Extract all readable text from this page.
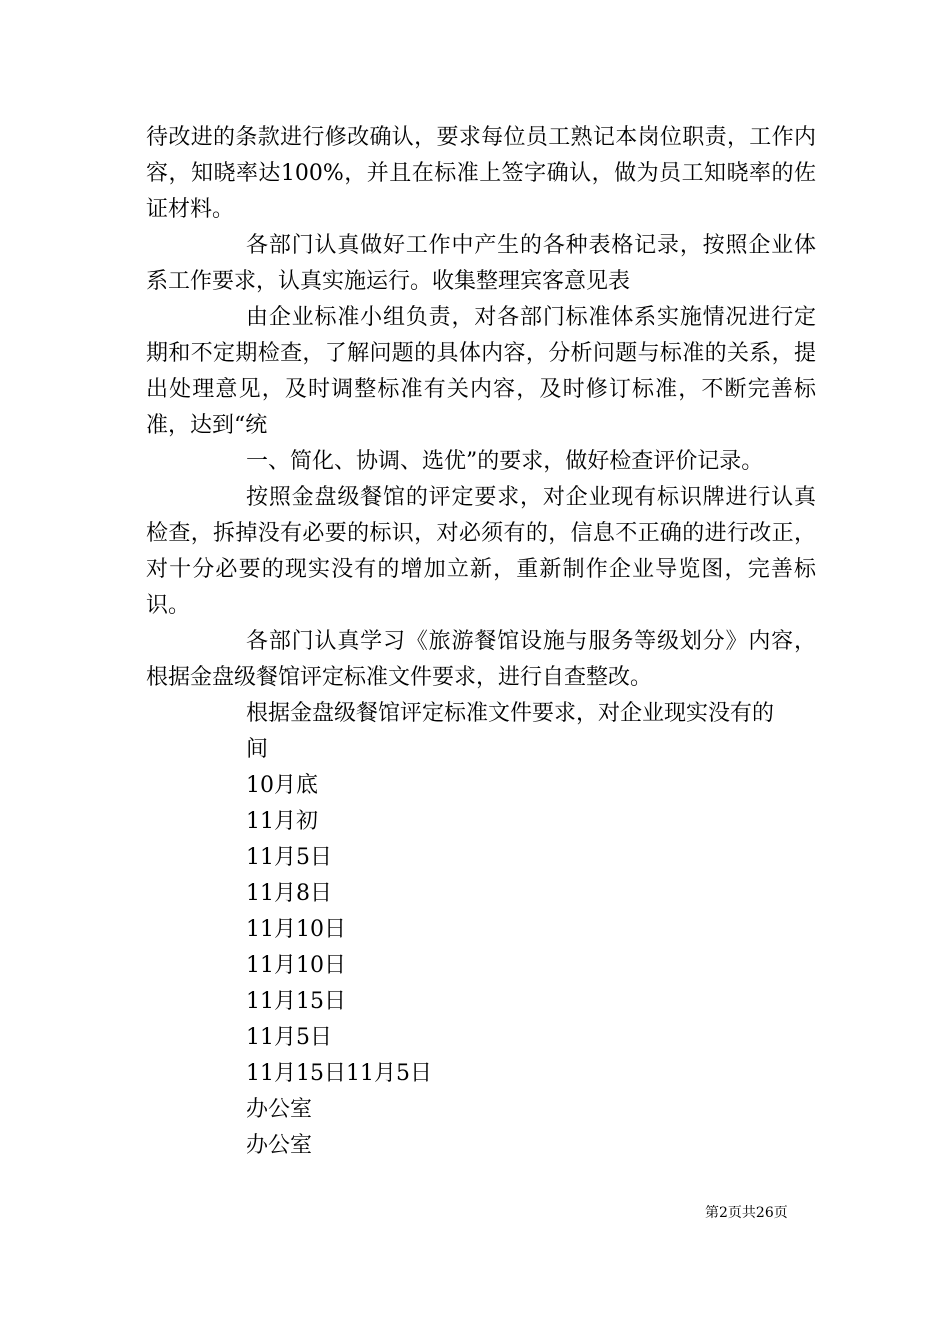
待改进的条款进行修改确认，要求每位员工熟记本岗位职责，工作内容，知晓率达100%，并且在标准上签字确认，做为员工知晓率的佐证材料。

各部门认真做好工作中产生的各种表格记录，按照企业体系工作要求，认真实施运行。收集整理宾客意见表

由企业标准小组负责，对各部门标准体系实施情况进行定期和不定期检查，了解问题的具体内容，分析问题与标准的关系，提出处理意见，及时调整标准有关内容，及时修订标准，不断完善标准，达到“统

一、简化、协调、选优”的要求，做好检查评价记录。

按照金盘级餐馆的评定要求，对企业现有标识牌进行认真检查，拆掉没有必要的标识，对必须有的，信息不正确的进行改正，对十分必要的现实没有的增加立新，重新制作企业导览图，完善标识。

各部门认真学习《旅游餐馆设施与服务等级划分》内容，根据金盘级餐馆评定标准文件要求，进行自查整改。

根据金盘级餐馆评定标准文件要求，对企业现实没有的
间
10月底
11月初
11月5日
11月8日
11月10日
11月10日
11月15日
11月5日
11月15日11月5日
办公室
办公室
第2页共26页
